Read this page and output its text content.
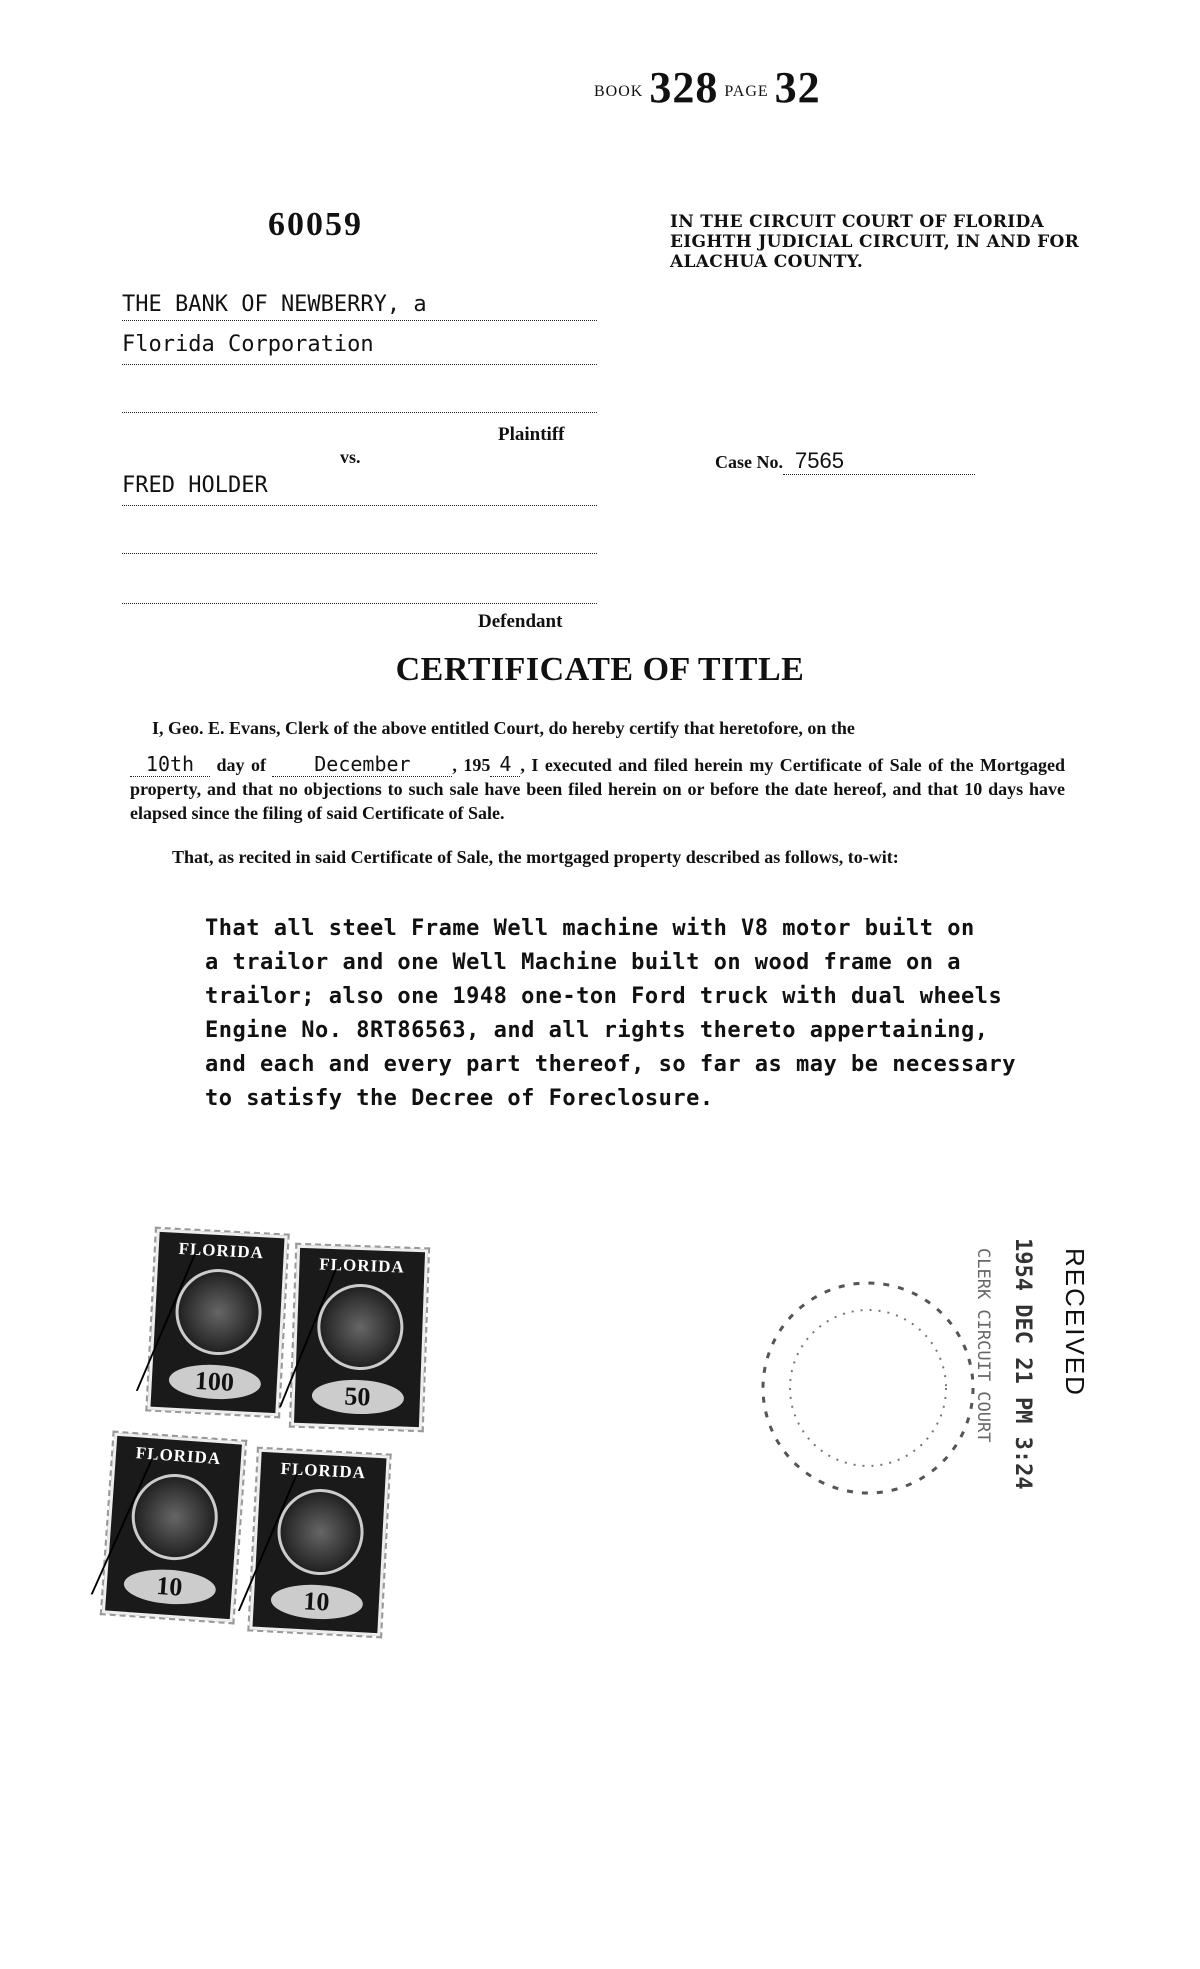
BOOK 328 PAGE 32
60059	IN THE CIRCUIT COURT OF FLORIDA EIGHTH JUDICIAL CIRCUIT, IN AND FOR ALACHUA COUNTY.
THE BANK OF NEWBERRY, a
Florida Corporation
Plaintiff
vs.
FRED HOLDER
Defendant
Case No. 7565
CERTIFICATE OF TITLE
I, Geo. E. Evans, Clerk of the above entitled Court, do hereby certify that heretofore, on the
10th day of December , 195 4 , I executed and filed herein my Certificate of Sale of the Mortgaged property, and that no objections to such sale have been filed herein on or before the date hereof, and that 10 days have elapsed since the filing of said Certificate of Sale.
That, as recited in said Certificate of Sale, the mortgaged property described as follows, to-wit:
That all steel Frame Well machine with V8 motor built on
a trailor and one Well Machine built on wood frame on a
trailor; also one 1948 one-ton Ford truck with dual wheels
Engine No. 8RT86563, and all rights thereto appertaining,
and each and every part thereof, so far as may be necessary
to satisfy the Decree of Foreclosure.
FLORIDA
100
FLORIDA
50
FLORIDA
10
FLORIDA
10
RECEIVED
1954 DEC 21 PM 3:24
CLERK CIRCUIT COURT
